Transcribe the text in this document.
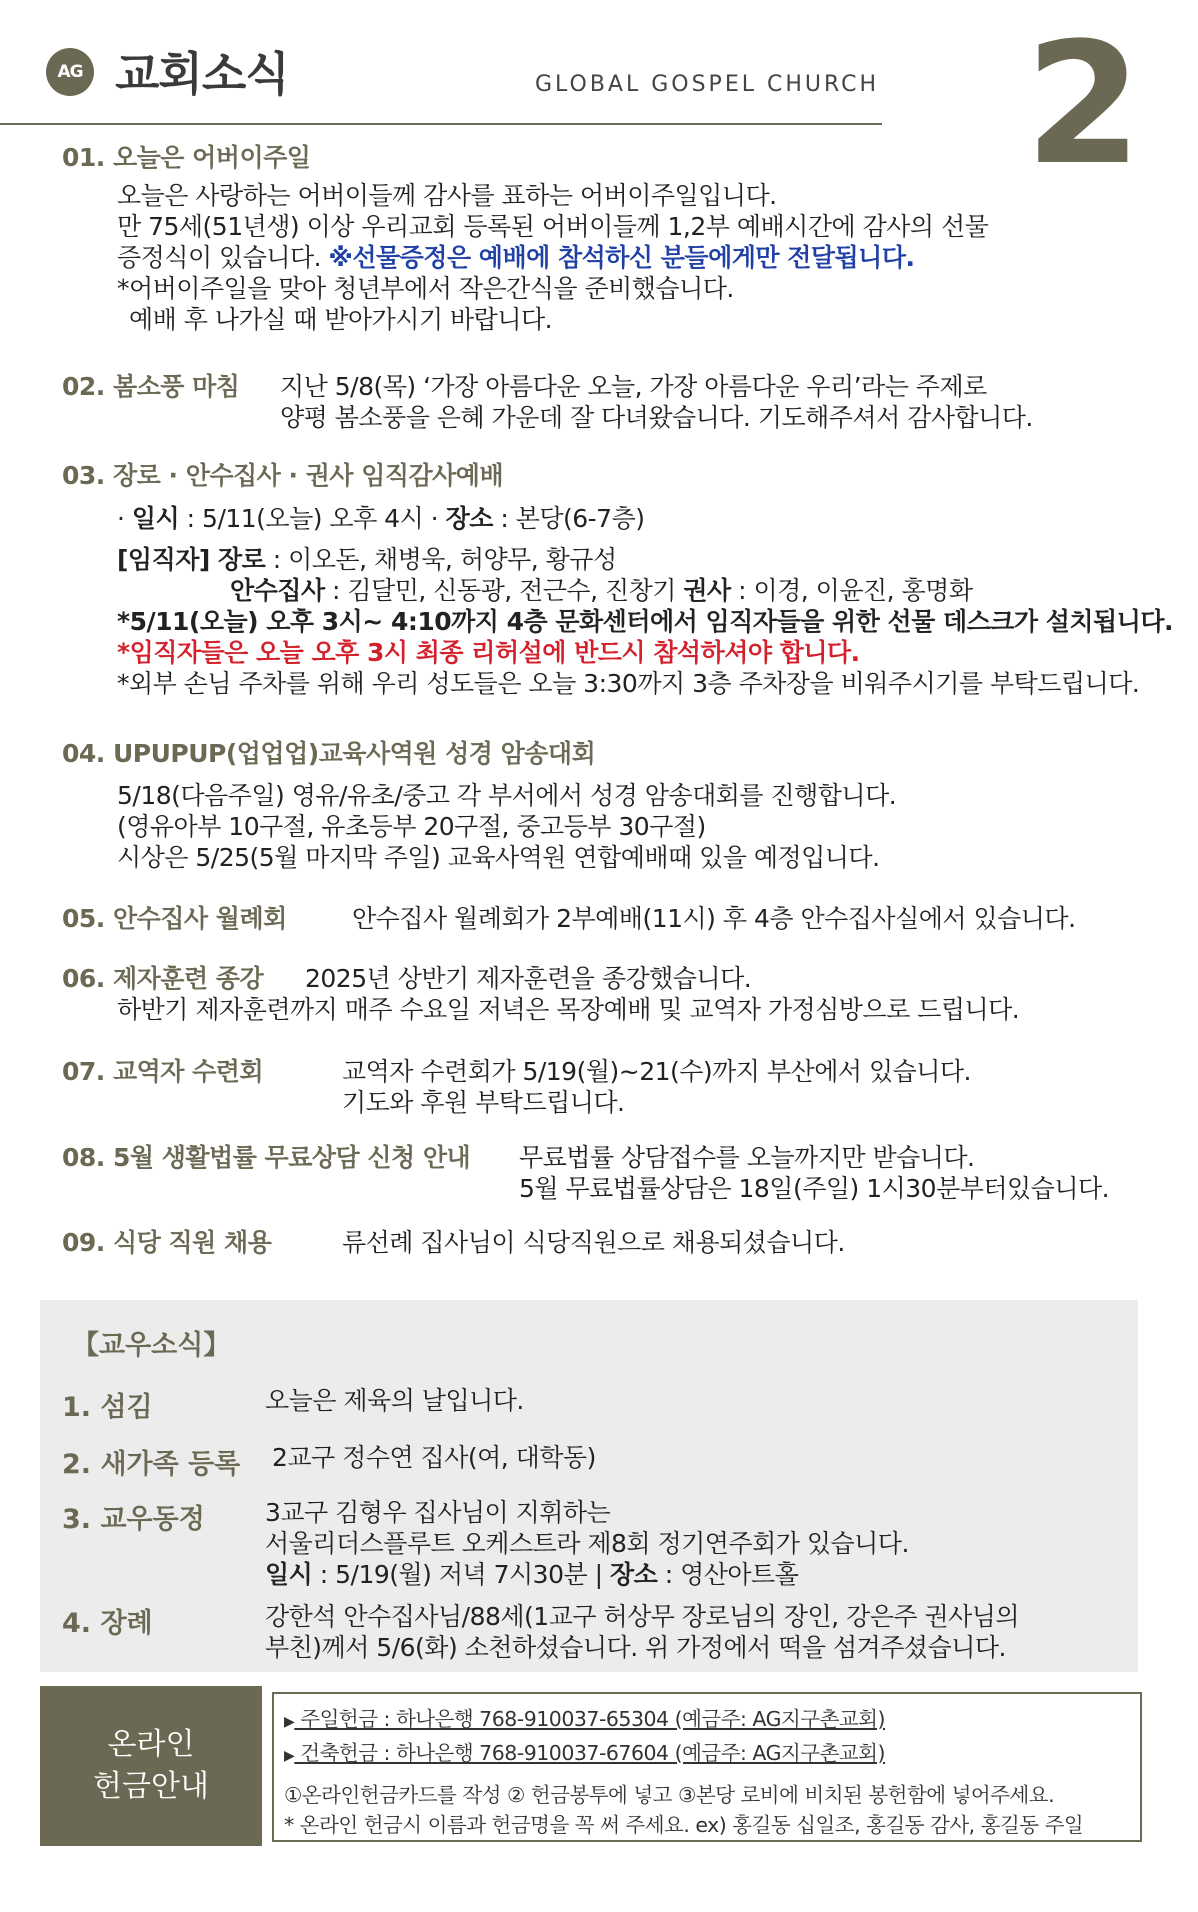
AG 교회소식	GLOBAL GOSPEL CHURCH 2
01. 오늘은 어버이주일
오늘은 사랑하는 어버이들께 감사를 표하는 어버이주일입니다.
만 75세(51년생) 이상 우리교회 등록된 어버이들께 1,2부 예배시간에 감사의 선물
증정식이 있습니다. ※선물증정은 예배에 참석하신 분들에게만 전달됩니다.
*어버이주일을 맞아 청년부에서 작은간식을 준비했습니다.
예배 후 나가실 때 받아가시기 바랍니다.
02. 봄소풍 마침 지난 5/8(목) ‘가장 아름다운 오늘, 가장 아름다운 우리’라는 주제로
양평 봄소풍을 은혜 가운데 잘 다녀왔습니다. 기도해주셔서 감사합니다.
03. 장로 · 안수집사 · 권사 임직감사예배
· 일시 : 5/11(오늘) 오후 4시 · 장소 : 본당(6-7층)
[임직자] 장로 : 이오돈, 채병욱, 허양무, 황규성
안수집사 : 김달민, 신동광, 전근수, 진창기 권사 : 이경, 이윤진, 홍명화
*5/11(오늘) 오후 3시~ 4:10까지 4층 문화센터에서 임직자들을 위한 선물 데스크가 설치됩니다.
*임직자들은 오늘 오후 3시 최종 리허설에 반드시 참석하셔야 합니다.
*외부 손님 주차를 위해 우리 성도들은 오늘 3:30까지 3층 주차장을 비워주시기를 부탁드립니다.
04. UPUPUP(업업업)교육사역원 성경 암송대회
5/18(다음주일) 영유/유초/중고 각 부서에서 성경 암송대회를 진행합니다.
(영유아부 10구절, 유초등부 20구절, 중고등부 30구절)
시상은 5/25(5월 마지막 주일) 교육사역원 연합예배때 있을 예정입니다.
05. 안수집사 월례회	안수집사 월례회가 2부예배(11시) 후 4층 안수집사실에서 있습니다.
06. 제자훈련 종강 2025년 상반기 제자훈련을 종강했습니다.
하반기 제자훈련까지 매주 수요일 저녁은 목장예배 및 교역자 가정심방으로 드립니다.
07. 교역자 수련회	교역자 수련회가 5/19(월)~21(수)까지 부산에서 있습니다.
기도와 후원 부탁드립니다.
08. 5월 생활법률 무료상담 신청 안내 무료법률 상담접수를 오늘까지만 받습니다.
5월 무료법률상담은 18일(주일) 1시30분부터있습니다.
09. 식당 직원 채용	류선례 집사님이 식당직원으로 채용되셨습니다.
【교우소식】
1. 섬김	오늘은 제육의 날입니다.
2. 새가족 등록 2교구 정수연 집사(여, 대학동)
3. 교우동정 3교구 김형우 집사님이 지휘하는
서울리더스플루트 오케스트라 제8회 정기연주회가 있습니다.
일시 : 5/19(월) 저녁 7시30분 | 장소 : 영산아트홀
4. 장례	강한석 안수집사님/88세(1교구 허상무 장로님의 장인, 강은주 권사님의
부친)께서 5/6(화) 소천하셨습니다. 위 가정에서 떡을 섬겨주셨습니다.
온라인
헌금안내
▶ 주일헌금 : 하나은행 768-910037-65304 (예금주: AG지구촌교회)
▶ 건축헌금 : 하나은행 768-910037-67604 (예금주: AG지구촌교회)
①온라인헌금카드를 작성 ② 헌금봉투에 넣고 ③본당 로비에 비치된 봉헌함에 넣어주세요.
* 온라인 헌금시 이름과 헌금명을 꼭 써 주세요. ex) 홍길동 십일조, 홍길동 감사, 홍길동 주일
